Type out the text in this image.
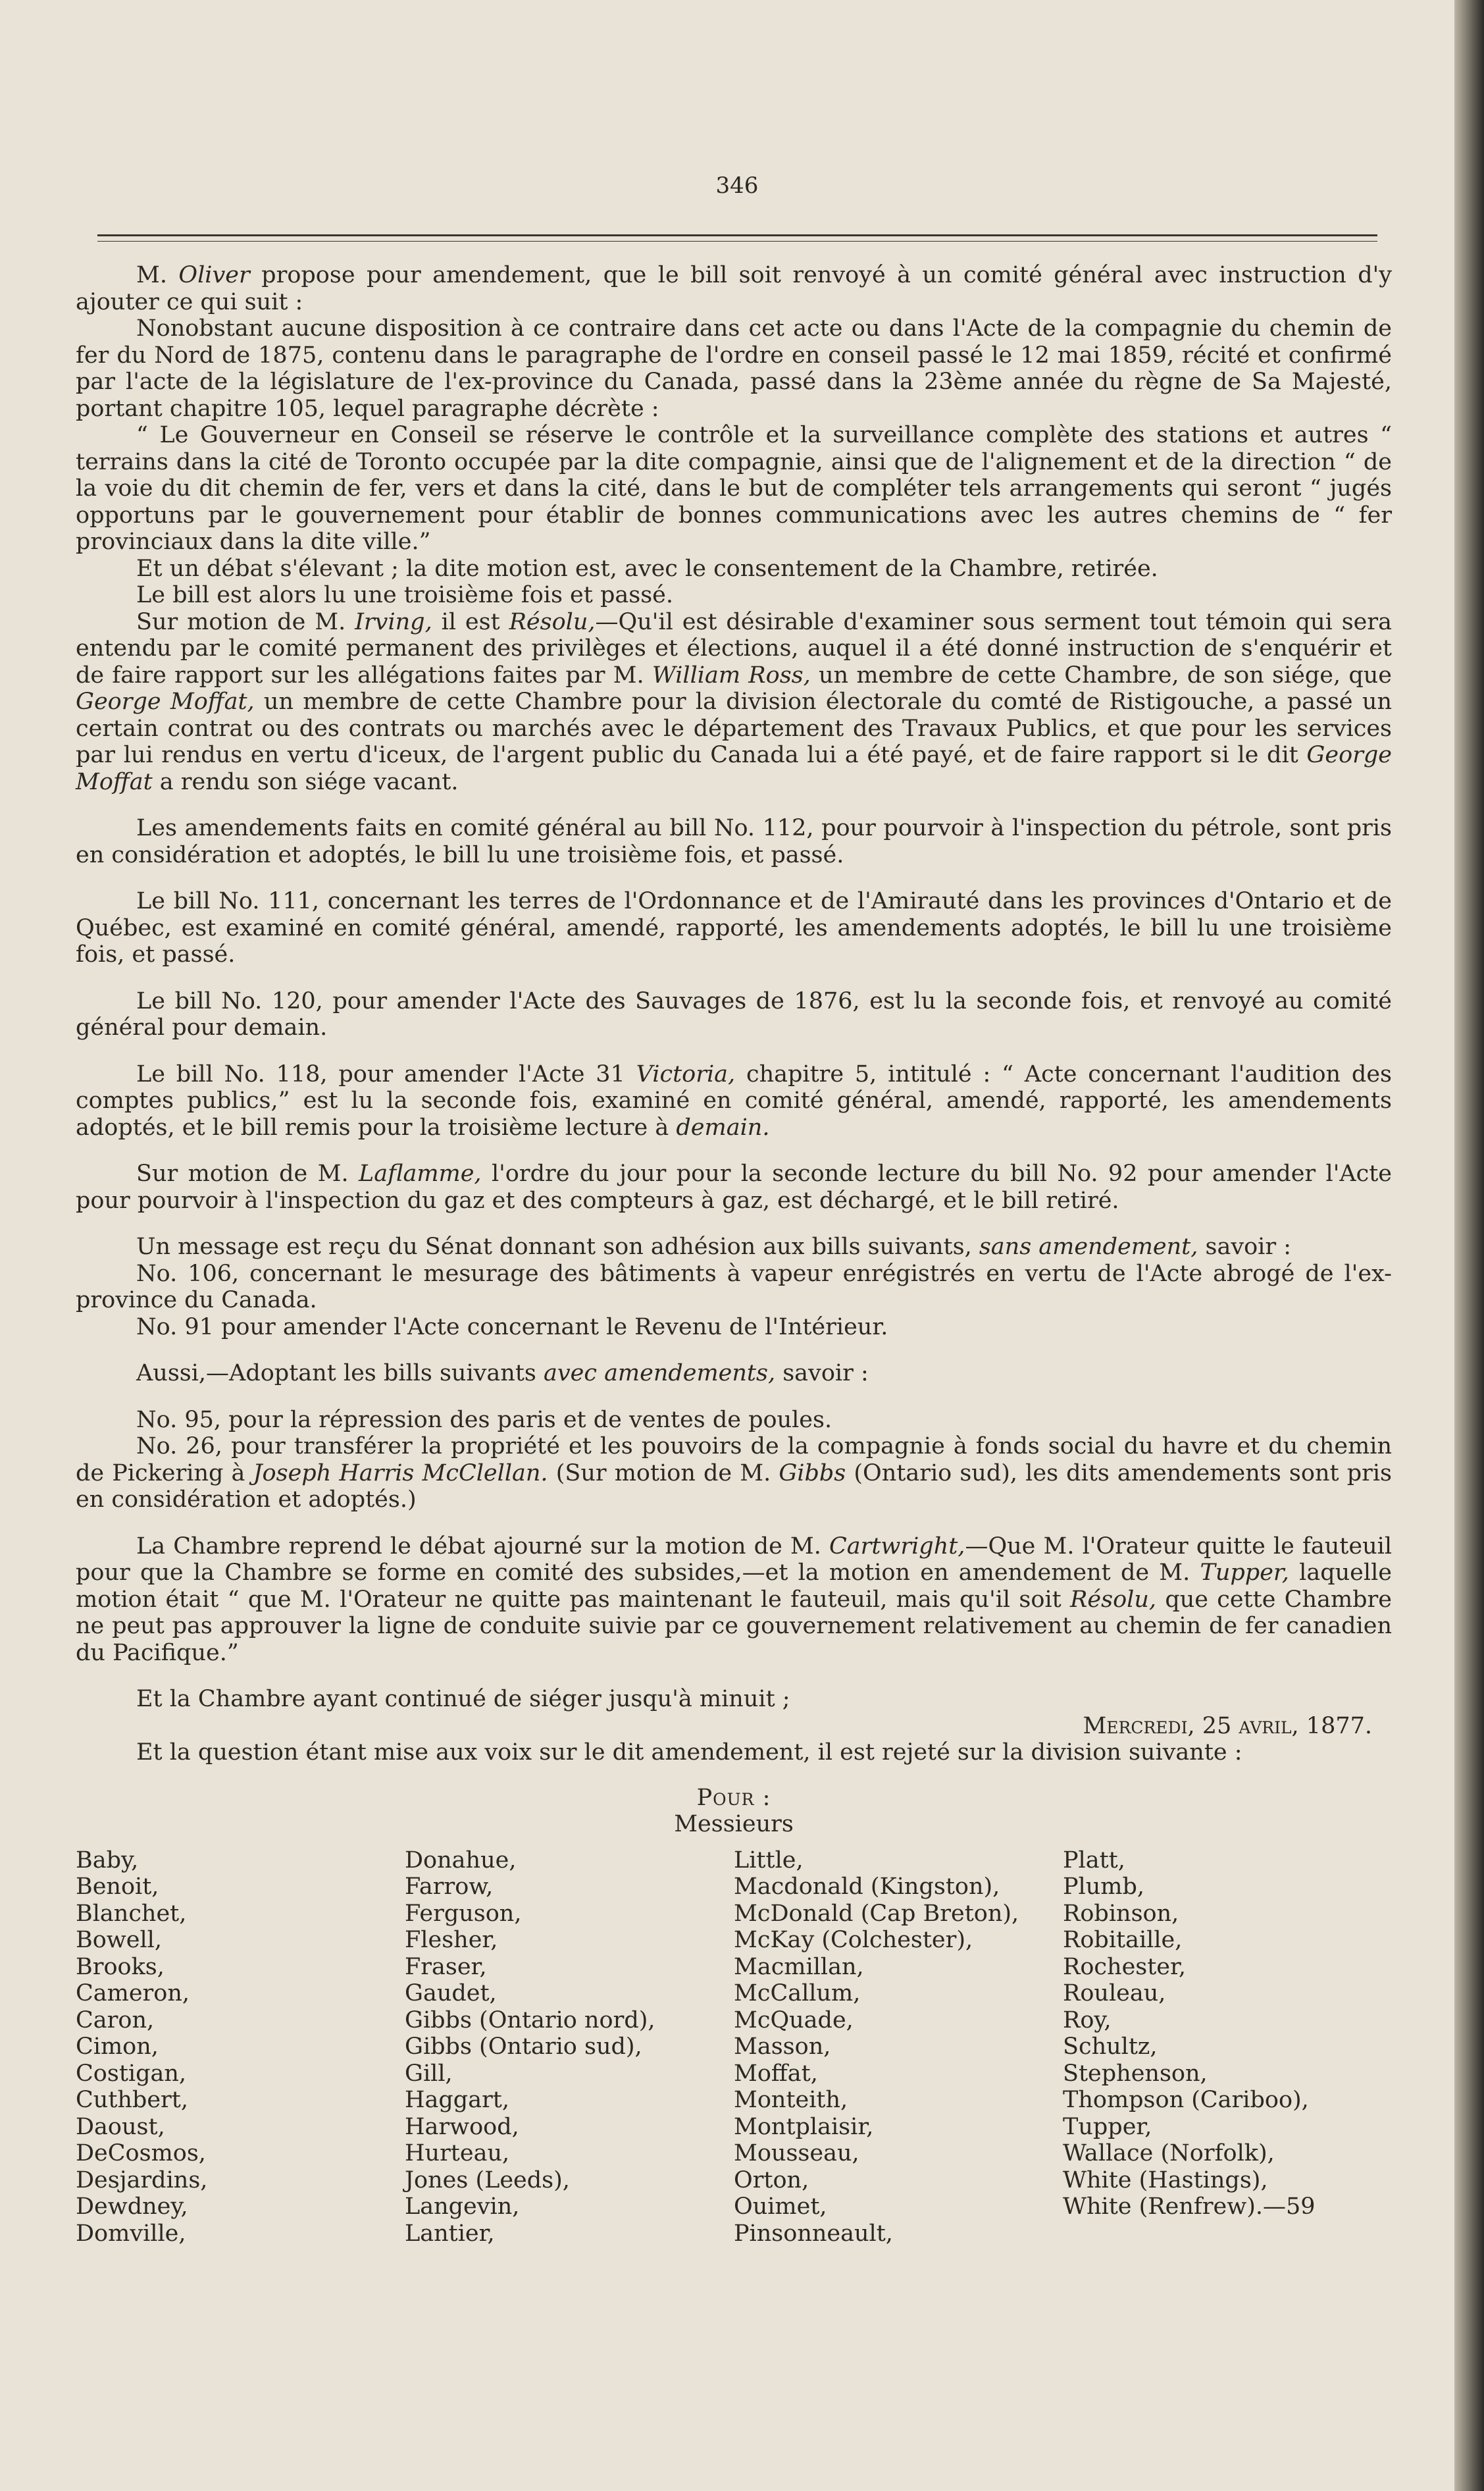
346

M. Oliver propose pour amendement, que le bill soit renvoyé à un comité général avec instruction d'y ajouter ce qui suit :

Nonobstant aucune disposition à ce contraire dans cet acte ou dans l'Acte de la compagnie du chemin de fer du Nord de 1875, contenu dans le paragraphe de l'ordre en conseil passé le 12 mai 1859, récité et confirmé par l'acte de la législature de l'ex-province du Canada, passé dans la 23ème année du règne de Sa Majesté, portant chapitre 105, lequel paragraphe décrète :

“ Le Gouverneur en Conseil se réserve le contrôle et la surveillance complète des stations et autres “ terrains dans la cité de Toronto occupée par la dite compagnie, ainsi que de l'alignement et de la direction “ de la voie du dit chemin de fer, vers et dans la cité, dans le but de compléter tels arrangements qui seront “ jugés opportuns par le gouvernement pour établir de bonnes communications avec les autres chemins de “ fer provinciaux dans la dite ville.”

Et un débat s'élevant ; la dite motion est, avec le consentement de la Chambre, retirée.

Le bill est alors lu une troisième fois et passé.

Sur motion de M. Irving, il est Résolu,—Qu'il est désirable d'examiner sous serment tout témoin qui sera entendu par le comité permanent des privilèges et élections, auquel il a été donné instruction de s'enquérir et de faire rapport sur les allégations faites par M. William Ross, un membre de cette Chambre, de son siége, que George Moffat, un membre de cette Chambre pour la division électorale du comté de Ristigouche, a passé un certain contrat ou des contrats ou marchés avec le département des Travaux Publics, et que pour les services par lui rendus en vertu d'iceux, de l'argent public du Canada lui a été payé, et de faire rapport si le dit George Moffat a rendu son siége vacant.

Les amendements faits en comité général au bill No. 112, pour pourvoir à l'inspection du pétrole, sont pris en considération et adoptés, le bill lu une troisième fois, et passé.

Le bill No. 111, concernant les terres de l'Ordonnance et de l'Amirauté dans les provinces d'Ontario et de Québec, est examiné en comité général, amendé, rapporté, les amendements adoptés, le bill lu une troisième fois, et passé.

Le bill No. 120, pour amender l'Acte des Sauvages de 1876, est lu la seconde fois, et renvoyé au comité général pour demain.

Le bill No. 118, pour amender l'Acte 31 Victoria, chapitre 5, intitulé : “ Acte concernant l'audition des comptes publics,” est lu la seconde fois, examiné en comité général, amendé, rapporté, les amendements adoptés, et le bill remis pour la troisième lecture à demain.

Sur motion de M. Laflamme, l'ordre du jour pour la seconde lecture du bill No. 92 pour amender l'Acte pour pourvoir à l'inspection du gaz et des compteurs à gaz, est déchargé, et le bill retiré.

Un message est reçu du Sénat donnant son adhésion aux bills suivants, sans amendement, savoir :

No. 106, concernant le mesurage des bâtiments à vapeur enrégistrés en vertu de l'Acte abrogé de l'ex-province du Canada.

No. 91 pour amender l'Acte concernant le Revenu de l'Intérieur.

Aussi,—Adoptant les bills suivants avec amendements, savoir :

No. 95, pour la répression des paris et de ventes de poules.

No. 26, pour transférer la propriété et les pouvoirs de la compagnie à fonds social du havre et du chemin de Pickering à Joseph Harris McClellan. (Sur motion de M. Gibbs (Ontario sud), les dits amendements sont pris en considération et adoptés.)

La Chambre reprend le débat ajourné sur la motion de M. Cartwright,—Que M. l'Orateur quitte le fauteuil pour que la Chambre se forme en comité des subsides,—et la motion en amendement de M. Tupper, laquelle motion était “ que M. l'Orateur ne quitte pas maintenant le fauteuil, mais qu'il soit Résolu, que cette Chambre ne peut pas approuver la ligne de conduite suivie par ce gouvernement relativement au chemin de fer canadien du Pacifique.”

Et la Chambre ayant continué de siéger jusqu'à minuit ;

Mercredi, 25 avril, 1877.

Et la question étant mise aux voix sur le dit amendement, il est rejeté sur la division suivante :

Pour :
Messieurs
Baby,
Benoit,
Blanchet,
Bowell,
Brooks,
Cameron,
Caron,
Cimon,
Costigan,
Cuthbert,
Daoust,
DeCosmos,
Desjardins,
Dewdney,
Domville,
Donahue,
Farrow,
Ferguson,
Flesher,
Fraser,
Gaudet,
Gibbs (Ontario nord),
Gibbs (Ontario sud),
Gill,
Haggart,
Harwood,
Hurteau,
Jones (Leeds),
Langevin,
Lantier,
Little,
Macdonald (Kingston),
McDonald (Cap Breton),
McKay (Colchester),
Macmillan,
McCallum,
McQuade,
Masson,
Moffat,
Monteith,
Montplaisir,
Mousseau,
Orton,
Ouimet,
Pinsonneault,
Platt,
Plumb,
Robinson,
Robitaille,
Rochester,
Rouleau,
Roy,
Schultz,
Stephenson,
Thompson (Cariboo),
Tupper,
Wallace (Norfolk),
White (Hastings),
White (Renfrew).—59
